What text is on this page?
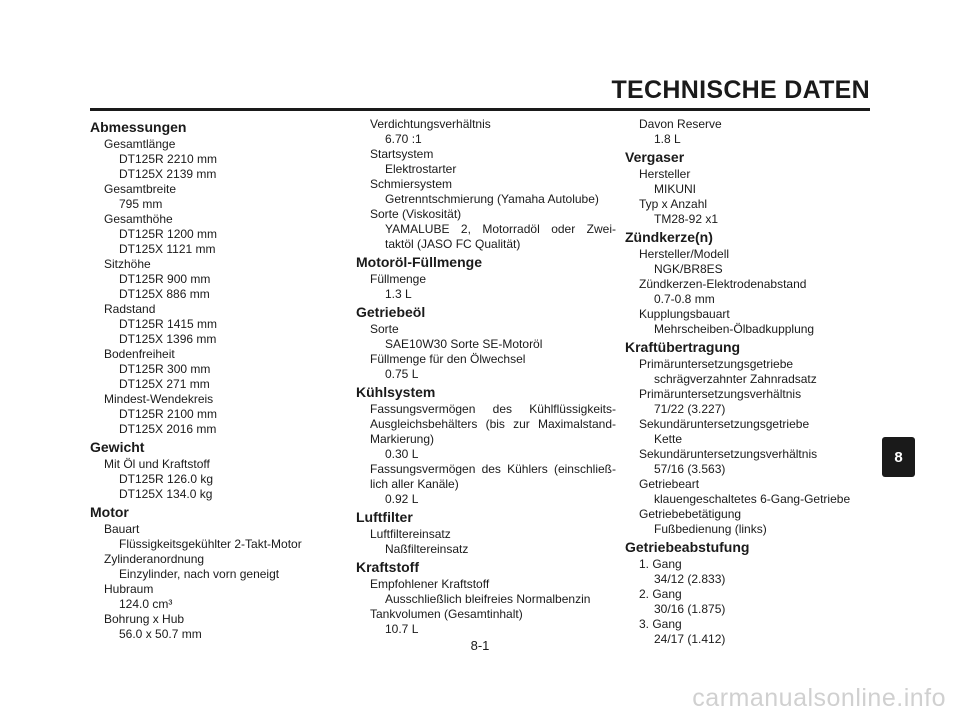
TECHNISCHE DATEN
Abmessungen
Gesamtlänge
DT125R 2210 mm
DT125X 2139 mm
Gesamtbreite
795 mm
Gesamthöhe
DT125R 1200 mm
DT125X 1121 mm
Sitzhöhe
DT125R 900 mm
DT125X 886 mm
Radstand
DT125R 1415 mm
DT125X 1396 mm
Bodenfreiheit
DT125R 300 mm
DT125X 271 mm
Mindest-Wendekreis
DT125R 2100 mm
DT125X 2016 mm
Gewicht
Mit Öl und Kraftstoff
DT125R 126.0 kg
DT125X 134.0 kg
Motor
Bauart
Flüssigkeitsgekühlter 2-Takt-Motor
Zylinderanordnung
Einzylinder, nach vorn geneigt
Hubraum
124.0 cm³
Bohrung x Hub
56.0 x 50.7 mm
Verdichtungsverhältnis
6.70 :1
Startsystem
Elektrostarter
Schmiersystem
Getrenntschmierung (Yamaha Autolube)
Sorte (Viskosität)
YAMALUBE 2, Motorradöl oder Zwei-
taktöl (JASO FC Qualität)
Motoröl-Füllmenge
Füllmenge
1.3 L
Getriebeöl
Sorte
SAE10W30 Sorte SE-Motoröl
Füllmenge für den Ölwechsel
0.75 L
Kühlsystem
Fassungsvermögen des Kühlflüssigkeits-
Ausgleichsbehälters (bis zur Maximalstand-
Markierung)
0.30 L
Fassungsvermögen des Kühlers (einschließ-
lich aller Kanäle)
0.92 L
Luftfilter
Luftfiltereinsatz
Naßfiltereinsatz
Kraftstoff
Empfohlener Kraftstoff
Ausschließlich bleifreies Normalbenzin
Tankvolumen (Gesamtinhalt)
10.7 L
Davon Reserve
1.8 L
Vergaser
Hersteller
MIKUNI
Typ x Anzahl
TM28-92 x1
Zündkerze(n)
Hersteller/Modell
NGK/BR8ES
Zündkerzen-Elektrodenabstand
0.7-0.8 mm
Kupplungsbauart
Mehrscheiben-Ölbadkupplung
Kraftübertragung
Primäruntersetzungsgetriebe
schrägverzahnter Zahnradsatz
Primäruntersetzungsverhältnis
71/22 (3.227)
Sekundäruntersetzungsgetriebe
Kette
Sekundäruntersetzungsverhältnis
57/16 (3.563)
Getriebeart
klauengeschaltetes 6-Gang-Getriebe
Getriebebetätigung
Fußbedienung (links)
Getriebeabstufung
1. Gang
34/12 (2.833)
2. Gang
30/16 (1.875)
3. Gang
24/17 (1.412)
8
8-1
carmanualsonline.info
